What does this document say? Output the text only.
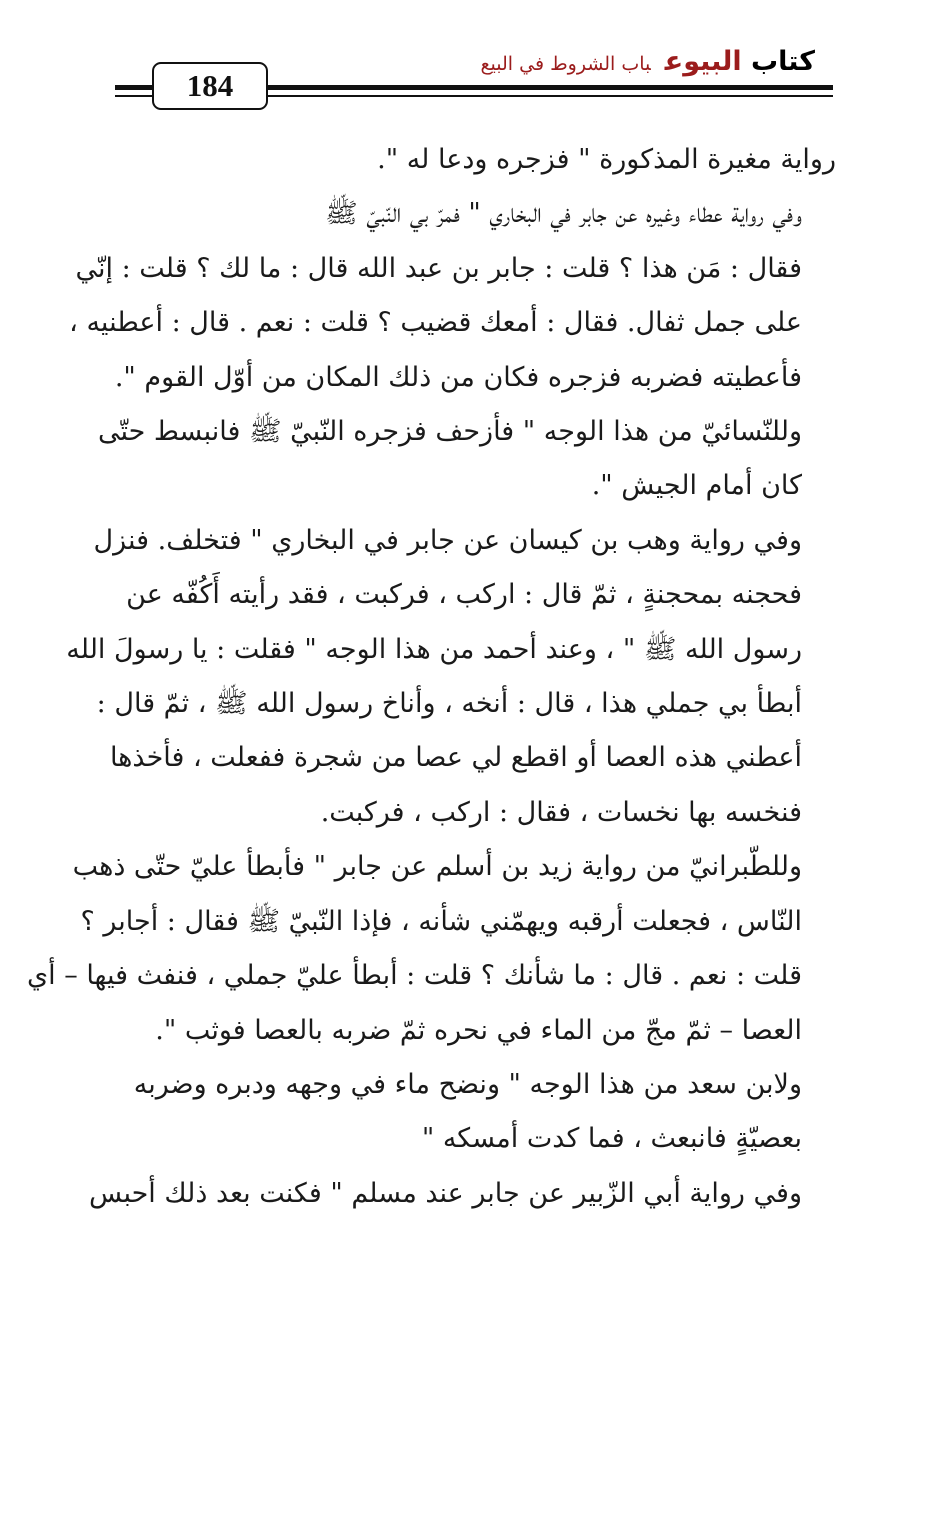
184
كتاب البيوعباب الشروط في البيع

رواية مغيرة المذكورة " فزجره ودعا له ".

وفي رواية عطاء وغيره عن جابر في البخاري " فمرّ بي النّبيّ ﷺ
فقال : مَن هذا ؟ قلت : جابر بن عبد الله قال : ما لك ؟ قلت : إنّي
على جمل ثفال. فقال : أمعك قضيب ؟ قلت : نعم . قال : أعطنيه ،
فأعطيته فضربه فزجره فكان من ذلك المكان من أوّل القوم ".

وللنّسائيّ من هذا الوجه " فأزحف فزجره النّبيّ ﷺ فانبسط حتّى
كان أمام الجيش ".

وفي رواية وهب بن كيسان عن جابر في البخاري " فتخلف. فنزل
فحجنه بمحجنةٍ ، ثمّ قال : اركب ، فركبت ، فقد رأيته أَكُفّه عن
رسول الله ﷺ " ، وعند أحمد من هذا الوجه " فقلت : يا رسولَ الله
أبطأ بي جملي هذا ، قال : أنخه ، وأناخ رسول الله ﷺ ، ثمّ قال :
أعطني هذه العصا أو اقطع لي عصا من شجرة ففعلت ، فأخذها
فنخسه بها نخسات ، فقال : اركب ، فركبت.

وللطّبرانيّ من رواية زيد بن أسلم عن جابر " فأبطأ عليّ حتّى ذهب
النّاس ، فجعلت أرقبه ويهمّني شأنه ، فإذا النّبيّ ﷺ فقال : أجابر ؟
قلت : نعم . قال : ما شأنك ؟ قلت : أبطأ عليّ جملي ، فنفث فيها – أي
العصا – ثمّ مجّ من الماء في نحره ثمّ ضربه بالعصا فوثب ".

ولابن سعد من هذا الوجه " ونضح ماء في وجهه ودبره وضربه
بعصيّةٍ فانبعث ، فما كدت أمسكه "

وفي رواية أبي الزّبير عن جابر عند مسلم " فكنت بعد ذلك أحبس
